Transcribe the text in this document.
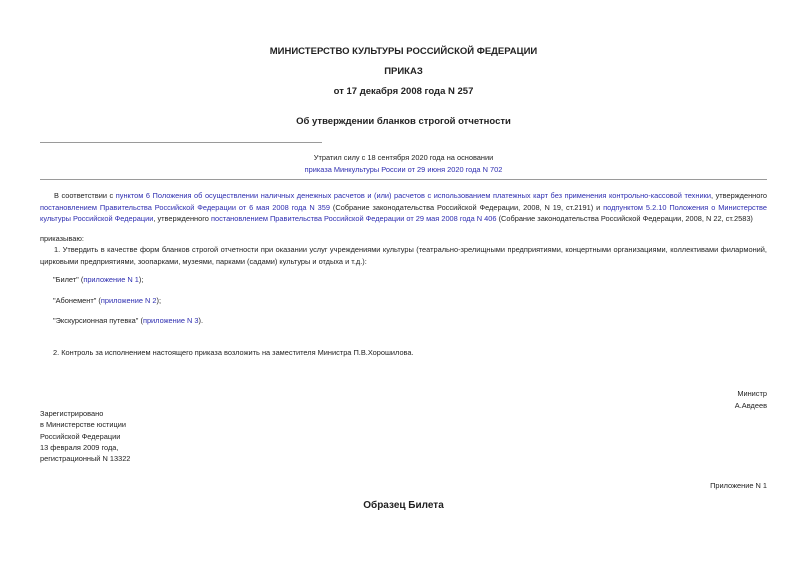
МИНИСТЕРСТВО КУЛЬТУРЫ РОССИЙСКОЙ ФЕДЕРАЦИИ
ПРИКАЗ
от 17 декабря 2008 года N 257
Об утверждении бланков строгой отчетности
Утратил силу с 18 сентября 2020 года на основании
приказа Минкультуры России от 29 июня 2020 года N 702
В соответствии с пунктом 6 Положения об осуществлении наличных денежных расчетов и (или) расчетов с использованием платежных карт без применения контрольно-кассовой техники, утвержденного постановлением Правительства Российской Федерации от 6 мая 2008 года N 359 (Собрание законодательства Российской Федерации, 2008, N 19, ст.2191) и подпунктом 5.2.10 Положения о Министерстве культуры Российской Федерации, утвержденного постановлением Правительства Российской Федерации от 29 мая 2008 года N 406 (Собрание законодательства Российской Федерации, 2008, N 22, ст.2583)
приказываю:
1. Утвердить в качестве форм бланков строгой отчетности при оказании услуг учреждениями культуры (театрально-зрелищными предприятиями, концертными организациями, коллективами филармоний, цирковыми предприятиями, зоопарками, музеями, парками (садами) культуры и отдыха и т.д.):
"Билет" (приложение N 1);
"Абонемент" (приложение N 2);
"Экскурсионная путевка" (приложение N 3).
2. Контроль за исполнением настоящего приказа возложить на заместителя Министра П.В.Хорошилова.
Министр
А.Авдеев
Зарегистрировано
в Министерстве юстиции
Российской Федерации
13 февраля 2009 года,
регистрационный N 13322
Приложение N 1
Образец Билета
